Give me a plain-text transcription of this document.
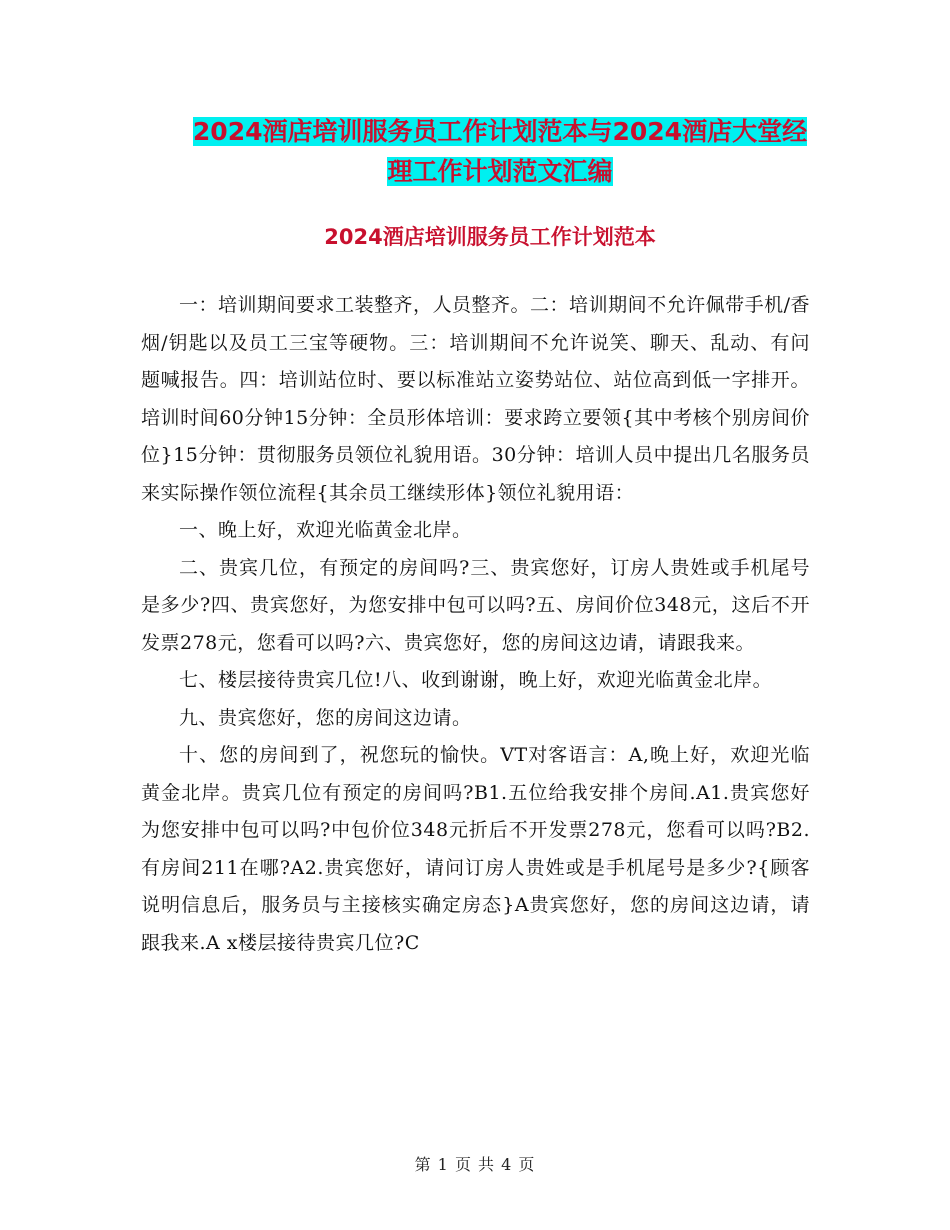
2024酒店培训服务员工作计划范本与2024酒店大堂经
理工作计划范文汇编
2024酒店培训服务员工作计划范本

一：培训期间要求工装整齐，人员整齐。二：培训期间不允许佩带手机/香烟/钥匙以及员工三宝等硬物。三：培训期间不允许说笑、聊天、乱动、有问题喊报告。四：培训站位时、要以标准站立姿势站位、站位高到低一字排开。培训时间60分钟15分钟：全员形体培训：要求跨立要领{其中考核个别房间价位}15分钟：贯彻服务员领位礼貌用语。30分钟：培训人员中提出几名服务员来实际操作领位流程{其余员工继续形体}领位礼貌用语：

一、晚上好，欢迎光临黄金北岸。

二、贵宾几位，有预定的房间吗?三、贵宾您好，订房人贵姓或手机尾号是多少?四、贵宾您好，为您安排中包可以吗?五、房间价位348元，这后不开发票278元，您看可以吗?六、贵宾您好，您的房间这边请，请跟我来。

七、楼层接待贵宾几位!八、收到谢谢，晚上好，欢迎光临黄金北岸。

九、贵宾您好，您的房间这边请。

十、您的房间到了，祝您玩的愉快。VT对客语言：A,晚上好，欢迎光临黄金北岸。贵宾几位有预定的房间吗?B1.五位给我安排个房间.A1.贵宾您好为您安排中包可以吗?中包价位348元折后不开发票278元，您看可以吗?B2.有房间211在哪?A2.贵宾您好，请问订房人贵姓或是手机尾号是多少?{顾客说明信息后，服务员与主接核实确定房态}A贵宾您好，您的房间这边请，请跟我来.A x楼层接待贵宾几位?C

第 1 页 共 4 页
